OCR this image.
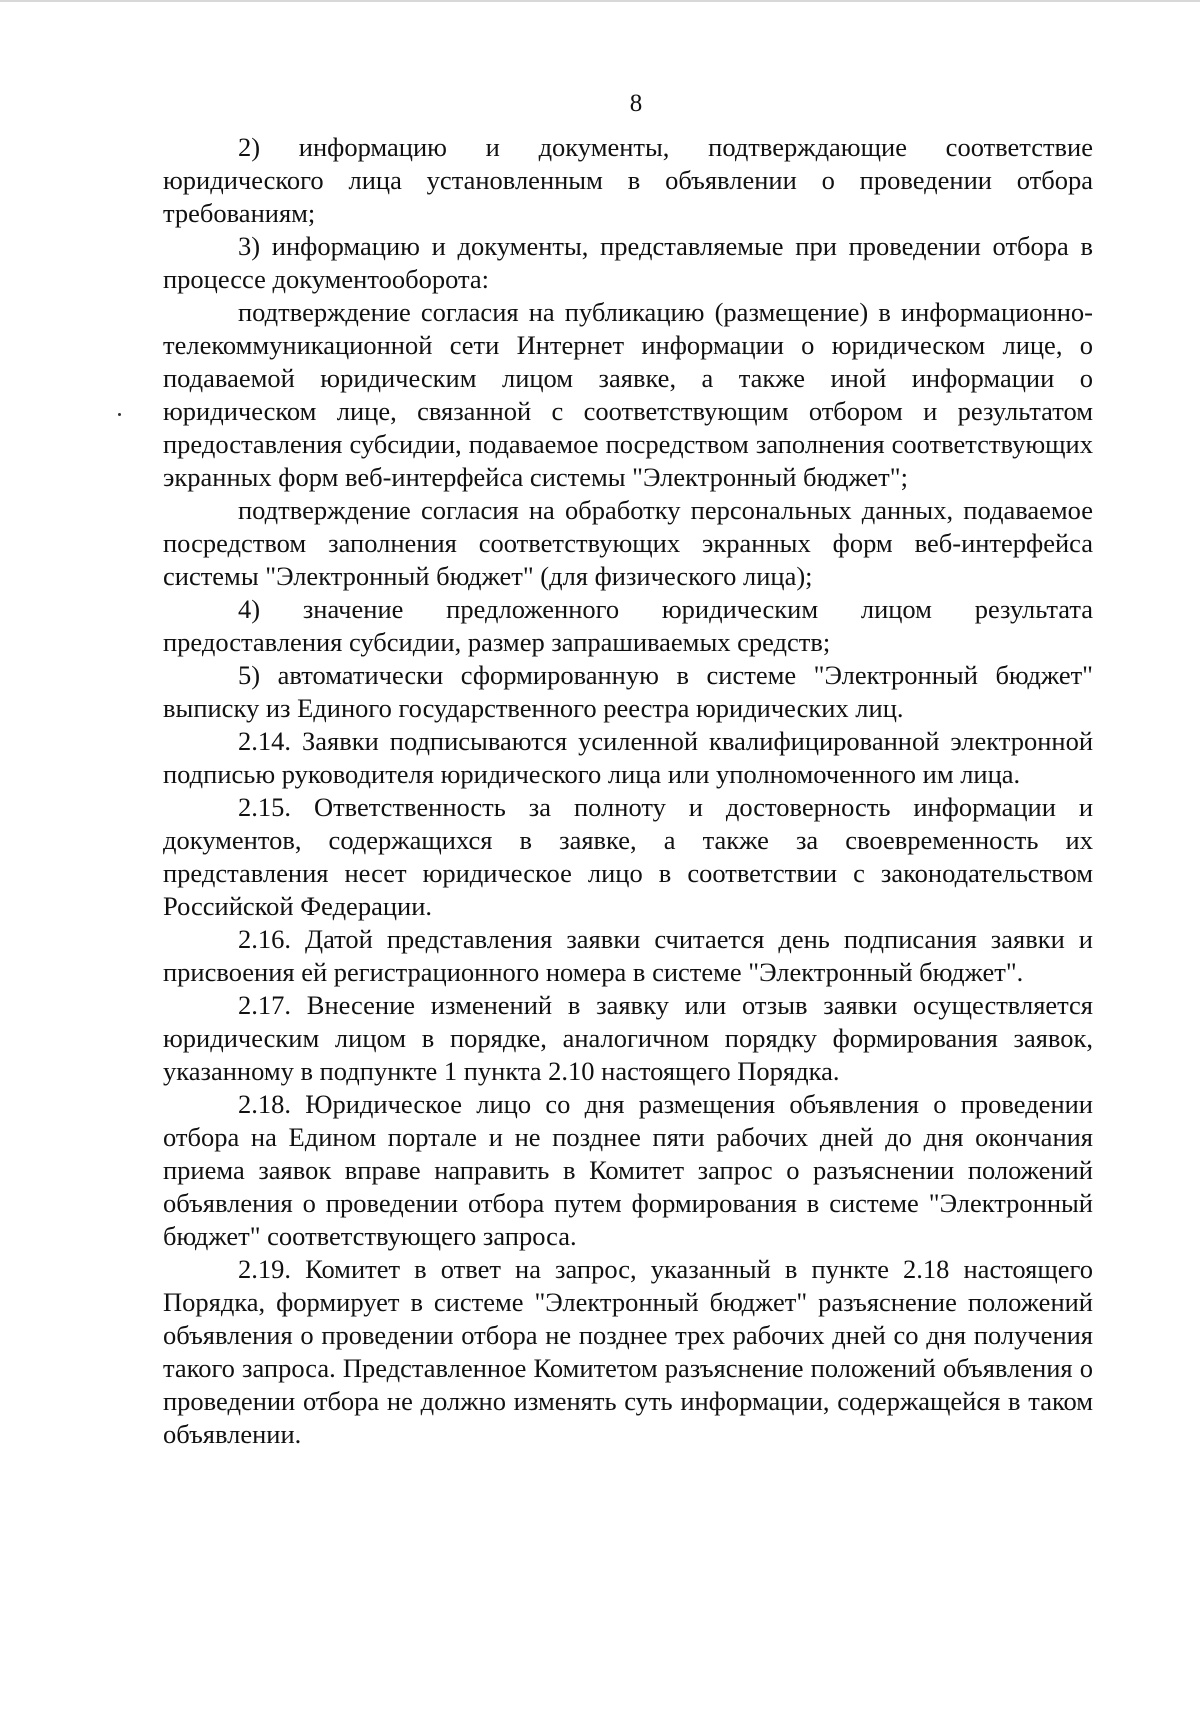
8

2) информацию и документы, подтверждающие соответствие юридического лица установленным в объявлении о проведении отбора требованиям;

3) информацию и документы, представляемые при проведении отбора в процессе документооборота:

подтверждение согласия на публикацию (размещение) в информационно-телекоммуникационной сети Интернет информации о юридическом лице, о подаваемой юридическим лицом заявке, а также иной информации о юридическом лице, связанной с соответствующим отбором и результатом предоставления субсидии, подаваемое посредством заполнения соответствующих экранных форм веб-интерфейса системы "Электронный бюджет";

подтверждение согласия на обработку персональных данных, подаваемое посредством заполнения соответствующих экранных форм веб-интерфейса системы "Электронный бюджет" (для физического лица);

4) значение предложенного юридическим лицом результата предоставления субсидии, размер запрашиваемых средств;

5) автоматически сформированную в системе "Электронный бюджет" выписку из Единого государственного реестра юридических лиц.

2.14. Заявки подписываются усиленной квалифицированной электронной подписью руководителя юридического лица или уполномоченного им лица.

2.15. Ответственность за полноту и достоверность информации и документов, содержащихся в заявке, а также за своевременность их представления несет юридическое лицо в соответствии с законодательством Российской Федерации.

2.16. Датой представления заявки считается день подписания заявки и присвоения ей регистрационного номера в системе "Электронный бюджет".

2.17. Внесение изменений в заявку или отзыв заявки осуществляется юридическим лицом в порядке, аналогичном порядку формирования заявок, указанному в подпункте 1 пункта 2.10 настоящего Порядка.

2.18. Юридическое лицо со дня размещения объявления о проведении отбора на Едином портале и не позднее пяти рабочих дней до дня окончания приема заявок вправе направить в Комитет запрос о разъяснении положений объявления о проведении отбора путем формирования в системе "Электронный бюджет" соответствующего запроса.

2.19. Комитет в ответ на запрос, указанный в пункте 2.18 настоящего Порядка, формирует в системе "Электронный бюджет" разъяснение положений объявления о проведении отбора не позднее трех рабочих дней со дня получения такого запроса. Представленное Комитетом разъяснение положений объявления о проведении отбора не должно изменять суть информации, содержащейся в таком объявлении.
